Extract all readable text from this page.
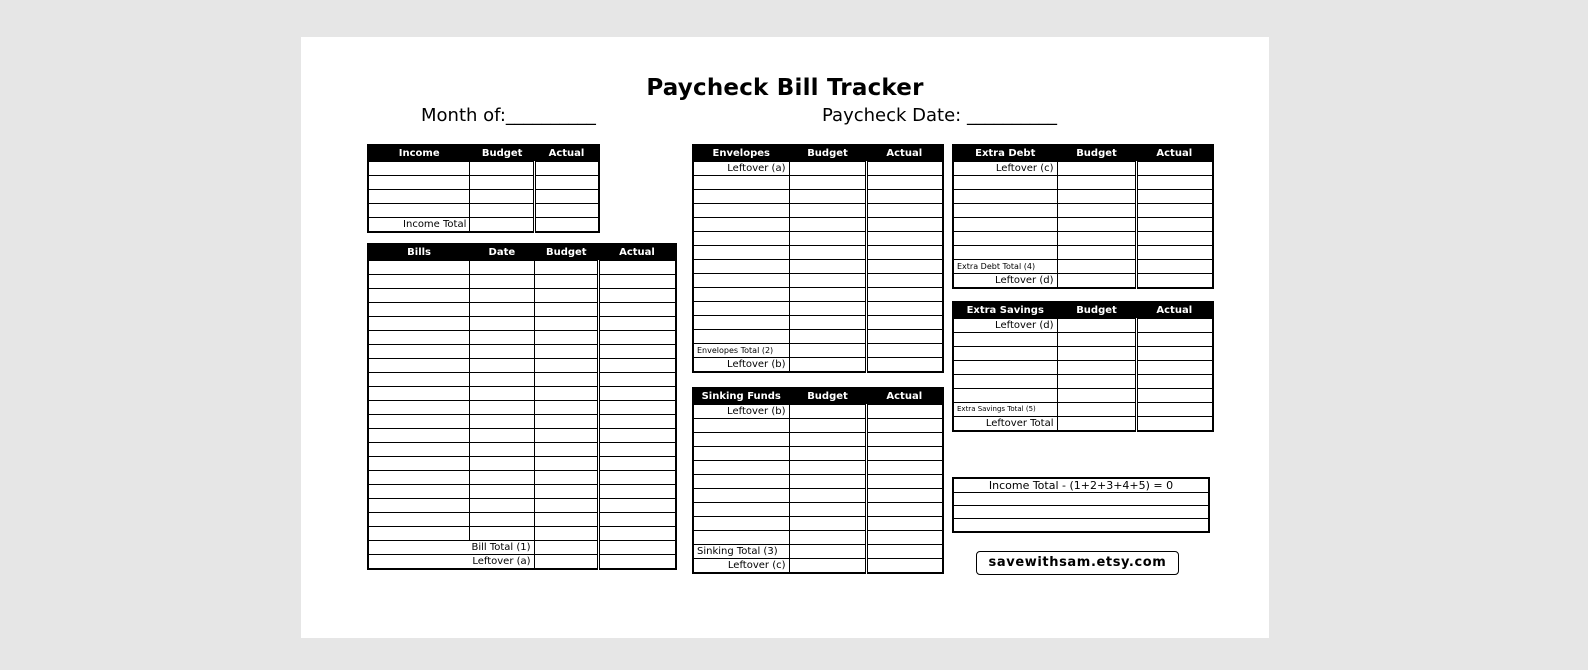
Paycheck Bill Tracker
Month of:__________	Paycheck Date: __________
Income	Budget	Actual

Income Total		
Bills	Date	Budget	Actual

Bill Total (1)			
Leftover (a)			
Envelopes	Budget	Actual
Leftover (a)		

Envelopes Total (2)		
Leftover (b)		
Sinking Funds	Budget	Actual
Leftover (b)		

Sinking Total (3)		
Leftover (c)		
Extra Debt	Budget	Actual
Leftover (c)		

Extra Debt Total (4)		
Leftover (d)		
Extra Savings	Budget	Actual
Leftover (d)		

Extra Savings Total (5)		
Leftover Total		
Income Total - (1+2+3+4+5) = 0

savewithsam.etsy.com
